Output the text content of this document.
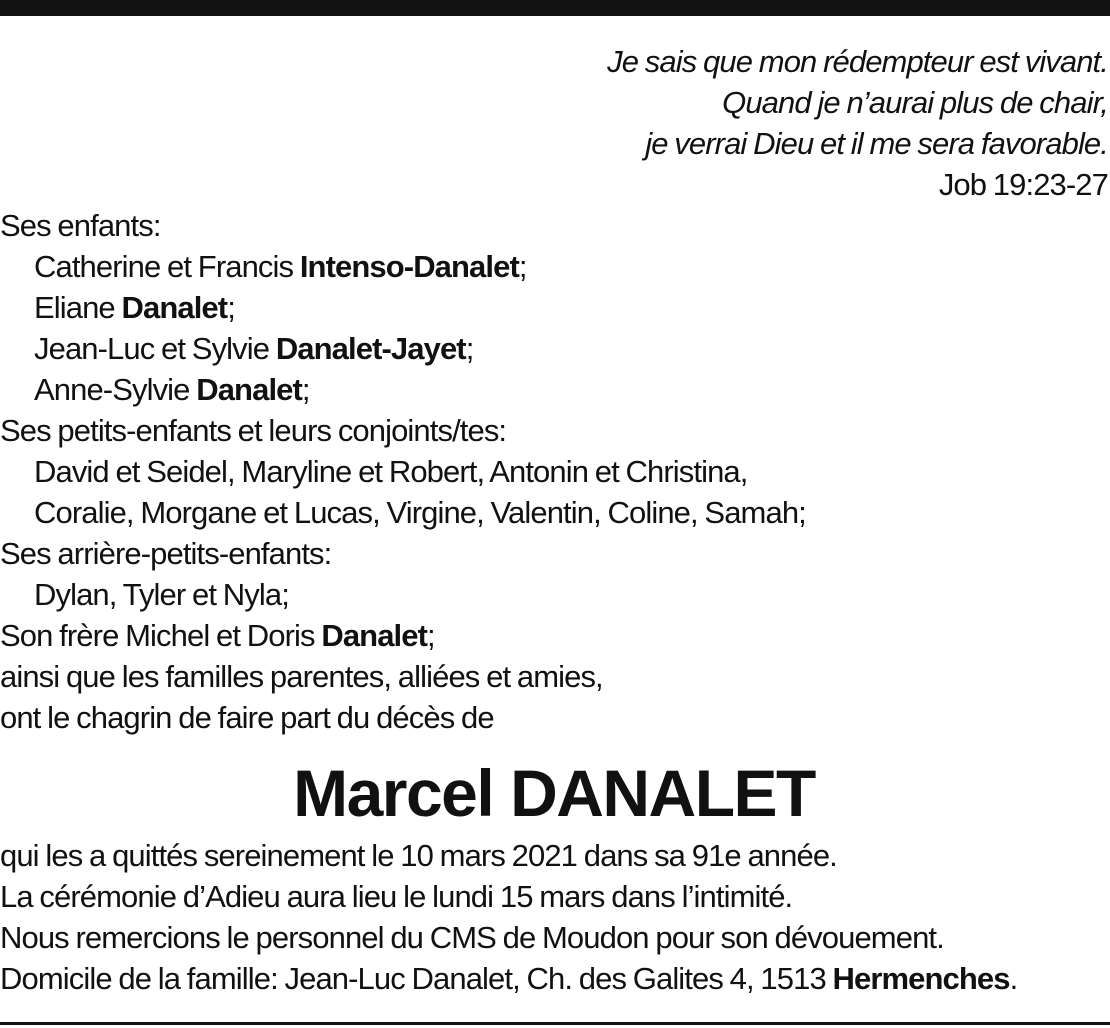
Je sais que mon rédempteur est vivant.
Quand je n’aurai plus de chair,
je verrai Dieu et il me sera favorable.
Job 19:23-27
Ses enfants:
Catherine et Francis Intenso-Danalet;
Eliane Danalet;
Jean-Luc et Sylvie Danalet-Jayet;
Anne-Sylvie Danalet;
Ses petits-enfants et leurs conjoints/tes:
David et Seidel, Maryline et Robert, Antonin et Christina,
Coralie, Morgane et Lucas, Virgine, Valentin, Coline, Samah;
Ses arrière-petits-enfants:
Dylan, Tyler et Nyla;
Son frère Michel et Doris Danalet;
ainsi que les familles parentes, alliées et amies,
ont le chagrin de faire part du décès de
Marcel DANALET
qui les a quittés sereinement le 10 mars 2021 dans sa 91e année.
La cérémonie d’Adieu aura lieu le lundi 15 mars dans l’intimité.
Nous remercions le personnel du CMS de Moudon pour son dévouement.
Domicile de la famille: Jean-Luc Danalet, Ch. des Galites 4, 1513 Hermenches.
